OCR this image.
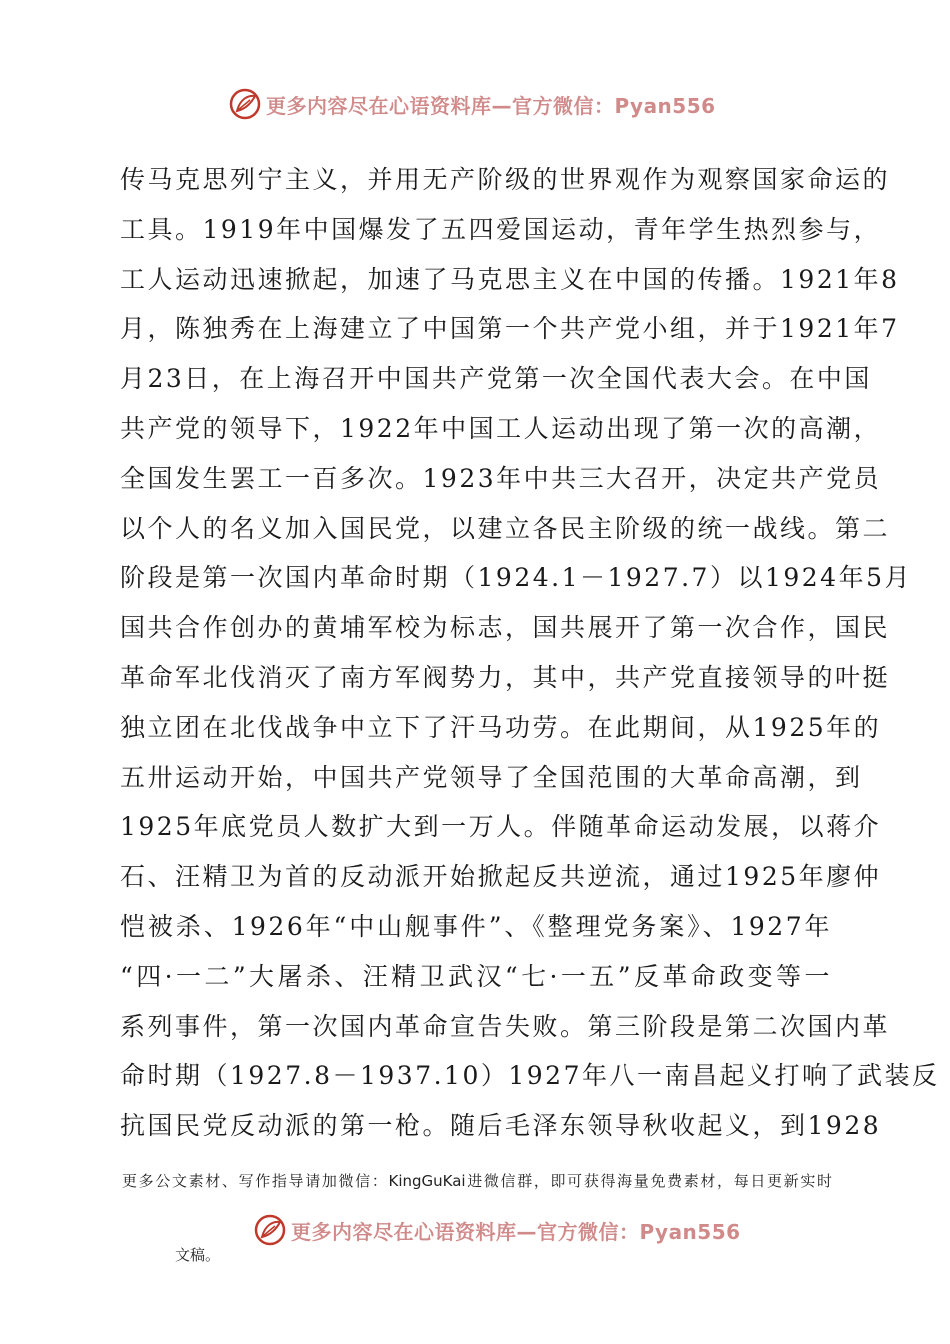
更多内容尽在心语资料库—官方微信：Pyan556
传马克思列宁主义，并用无产阶级的世界观作为观察国家命运的
工具。1919年中国爆发了五四爱国运动，青年学生热烈参与，
工人运动迅速掀起，加速了马克思主义在中国的传播。1921年8
月，陈独秀在上海建立了中国第一个共产党小组，并于1921年7
月23日，在上海召开中国共产党第一次全国代表大会。在中国
共产党的领导下，1922年中国工人运动出现了第一次的高潮，
全国发生罢工一百多次。1923年中共三大召开，决定共产党员
以个人的名义加入国民党，以建立各民主阶级的统一战线。第二
阶段是第一次国内革命时期（1924.1－1927.7）以1924年5月
国共合作创办的黄埔军校为标志，国共展开了第一次合作，国民
革命军北伐消灭了南方军阀势力，其中，共产党直接领导的叶挺
独立团在北伐战争中立下了汗马功劳。在此期间，从1925年的
五卅运动开始，中国共产党领导了全国范围的大革命高潮，到
1925年底党员人数扩大到一万人。伴随革命运动发展，以蒋介
石、汪精卫为首的反动派开始掀起反共逆流，通过1925年廖仲
恺被杀、1926年“中山舰事件”、《整理党务案》、1927年
“四·一二”大屠杀、汪精卫武汉“七·一五”反革命政变等一
系列事件，第一次国内革命宣告失败。第三阶段是第二次国内革
命时期（1927.8－1937.10）1927年八一南昌起义打响了武装反
抗国民党反动派的第一枪。随后毛泽东领导秋收起义，到1928
更多公文素材、写作指导请加微信：KingGuKai进微信群，即可获得海量免费素材，每日更新实时
更多内容尽在心语资料库—官方微信：Pyan556
文稿。
